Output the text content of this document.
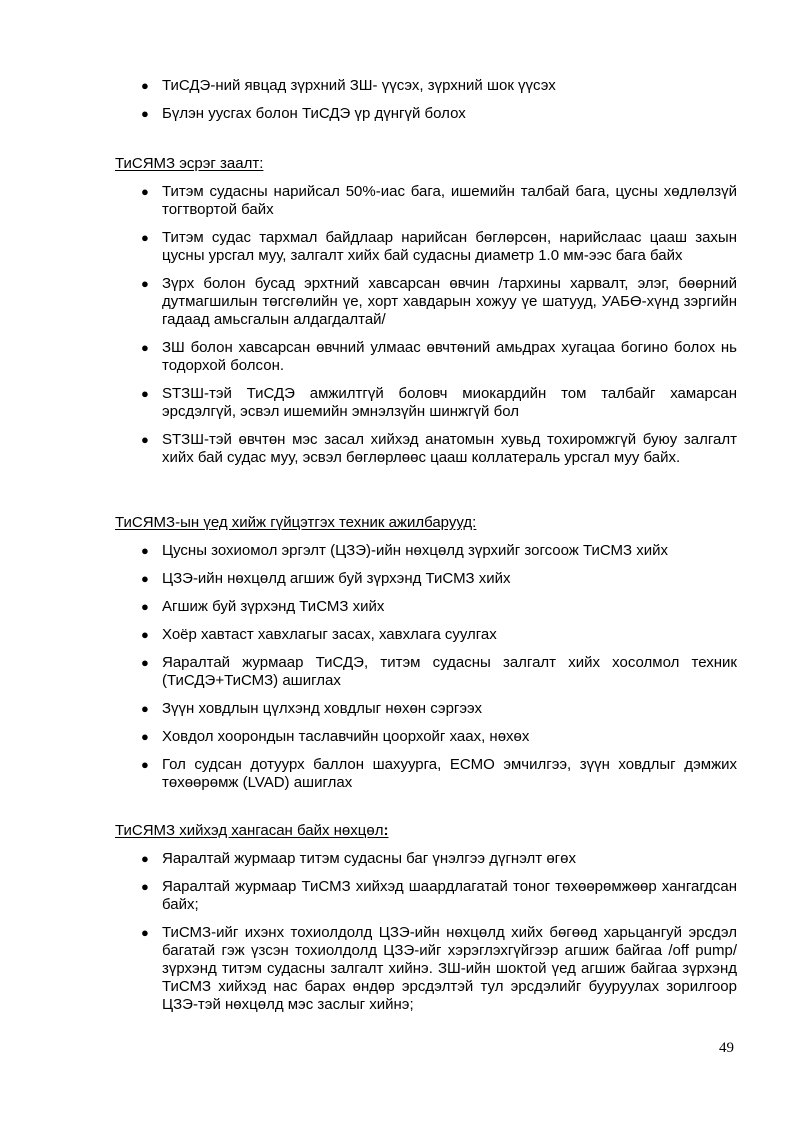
● ТиСДЭ-ний явцад зүрхний ЗШ- үүсэх, зүрхний шок үүсэх
● Бүлэн уусгах болон ТиСДЭ үр дүнгүй болох
ТиСЯМЗ эсрэг заалт:
● Титэм судасны нарийсал 50%-иас бага, ишемийн талбай бага, цусны хөдлөлзүй тогтвортой байх
● Титэм судас тархмал байдлаар нарийсан бөглөрсөн, нарийслаас цааш захын цусны урсгал муу, залгалт хийх бай судасны диаметр 1.0 мм-ээс бага байх
● Зүрх болон бусад эрхтний хавсарсан өвчин /тархины харвалт, элэг, бөөрний дутмагшилын төгсгөлийн үе, хорт хавдарын хожуу үе шатууд, УАБӨ-хүнд зэргийн гадаад амьсгалын алдагдалтай/
● ЗШ болон хавсарсан өвчний улмаас өвчтөний амьдрах хугацаа богино болох нь тодорхой болсон.
● STЗШ-тэй ТиСДЭ амжилтгүй боловч миокардийн том талбайг хамарсан эрсдэлгүй, эсвэл ишемийн эмнэлзүйн шинжгүй бол
● STЗШ-тэй өвчтөн мэс засал хийхэд анатомын хувьд тохиромжгүй буюу залгалт хийх бай судас муу, эсвэл бөглөрлөөс цааш коллатераль урсгал муу байх.
ТиСЯМЗ-ын үед хийж гүйцэтгэх техник ажилбарууд:
● Цусны зохиомол эргэлт (ЦЗЭ)-ийн нөхцөлд зүрхийг зогсоож ТиСМЗ хийх
● ЦЗЭ-ийн нөхцөлд агшиж буй зүрхэнд ТиСМЗ хийх
● Агшиж буй зүрхэнд ТиСМЗ хийх
● Хоёр хавтаст хавхлагыг засах, хавхлага суулгах
● Яаралтай журмаар ТиСДЭ, титэм судасны залгалт хийх хосолмол техник (ТиСДЭ+ТиСМЗ) ашиглах
● Зүүн ховдлын цүлхэнд ховдлыг нөхөн сэргээх
● Ховдол хоорондын таславчийн цоорхойг хаах, нөхөх
● Гол судсан дотуурх баллон шахуурга, ECMO эмчилгээ, зүүн ховдлыг дэмжих төхөөрөмж (LVAD) ашиглах
ТиСЯМЗ хийхэд хангасан байх нөхцөл:
● Яаралтай журмаар титэм судасны баг үнэлгээ дүгнэлт өгөх
● Яаралтай журмаар ТиСМЗ хийхэд шаардлагатай тоног төхөөрөмжөөр хангагдсан байх;
● ТиСМЗ-ийг ихэнх тохиолдолд ЦЗЭ-ийн нөхцөлд хийх бөгөөд харьцангуй эрсдэл багатай гэж үзсэн тохиолдолд ЦЗЭ-ийг хэрэглэхгүйгээр агшиж байгаа /off pump/ зүрхэнд титэм судасны залгалт хийнэ. ЗШ-ийн шоктой үед агшиж байгаа зүрхэнд ТиСМЗ хийхэд нас барах өндөр эрсдэлтэй тул эрсдэлийг бууруулах зорилгоор ЦЗЭ-тэй нөхцөлд мэс заслыг хийнэ;
49
